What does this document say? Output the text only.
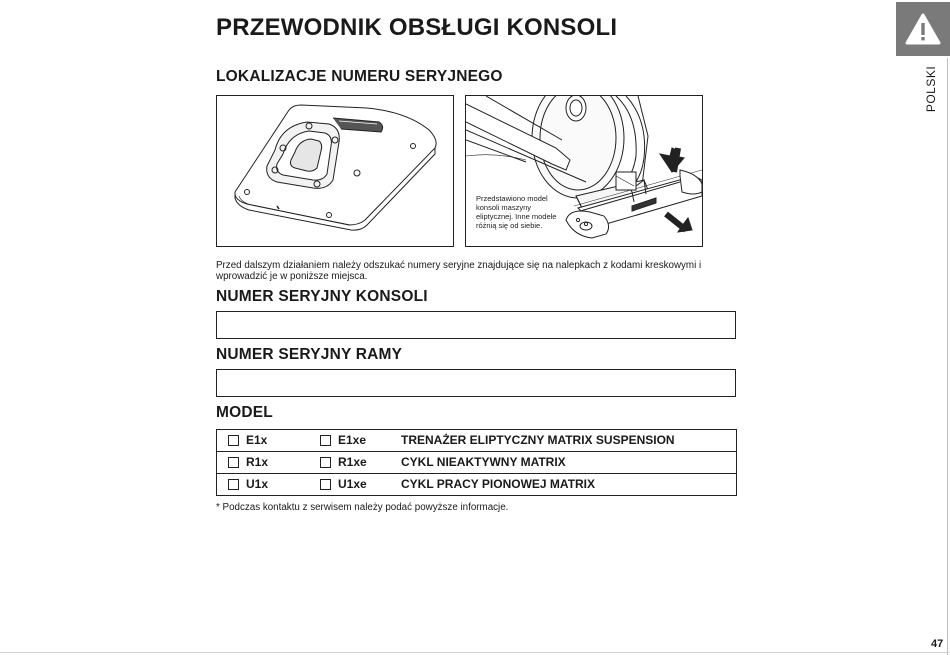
PRZEWODNIK OBSŁUGI KONSOLI
POLSKI
LOKALIZACJE NUMERU SERYJNEGO
Przedstawiono model konsoli maszyny eliptycznej. Inne modele różnią się od siebie.

Przed dalszym działaniem należy odszukać numery seryjne znajdujące się na nalepkach z kodami kreskowymi i wprowadzić je w poniższe miejsca.

NUMER SERYJNY KONSOLI
NUMER SERYJNY RAMY
MODEL
E1x	E1xe	TRENAŻER ELIPTYCZNY MATRIX SUSPENSION
R1x	R1xe	CYKL NIEAKTYWNY MATRIX
U1x	U1xe	CYKL PRACY PIONOWEJ MATRIX

* Podczas kontaktu z serwisem należy podać powyższe informacje.

47
